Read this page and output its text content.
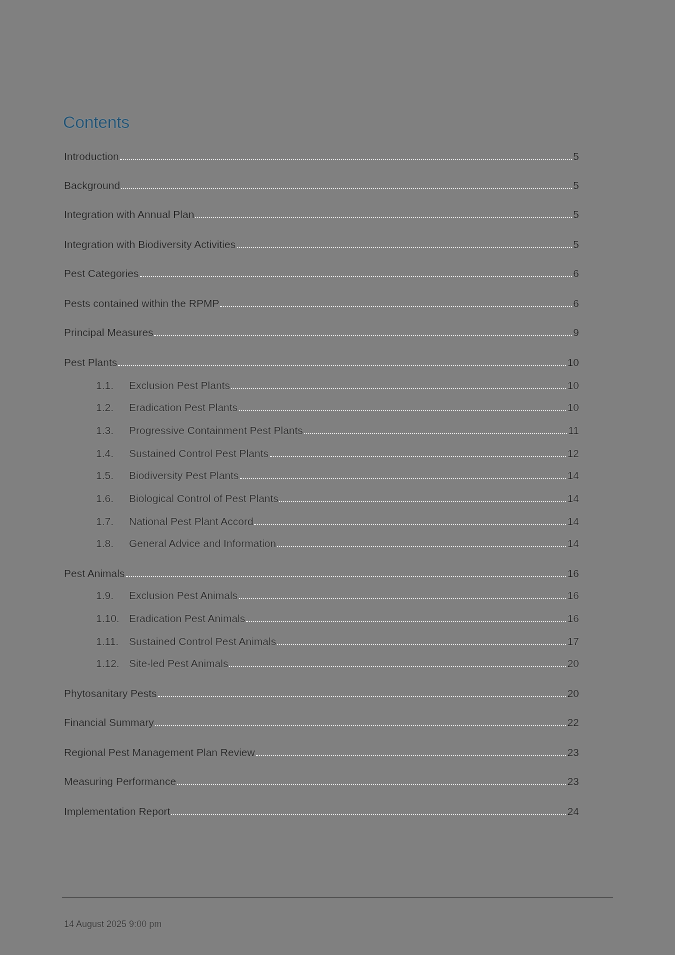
Contents
Introduction	5
Background	5
Integration with Annual Plan	5
Integration with Biodiversity Activities	5
Pest Categories	6
Pests contained within the RPMP	6
Principal Measures	9
Pest Plants	10
1.1.	Exclusion Pest Plants	10
1.2.	Eradication Pest Plants	10
1.3.	Progressive Containment Pest Plants	11
1.4.	Sustained Control Pest Plants	12
1.5.	Biodiversity Pest Plants	14
1.6.	Biological Control of Pest Plants	14
1.7.	National Pest Plant Accord	14
1.8.	General Advice and Information	14
Pest Animals	16
1.9.	Exclusion Pest Animals	16
1.10. Eradication Pest Animals	16
1.11. Sustained Control Pest Animals	17
1.12. Site-led Pest Animals	20
Phytosanitary Pests	20
Financial Summary	22
Regional Pest Management Plan Review	23
Measuring Performance	23
Implementation Report	24
14 August 2025 9:00 pm
